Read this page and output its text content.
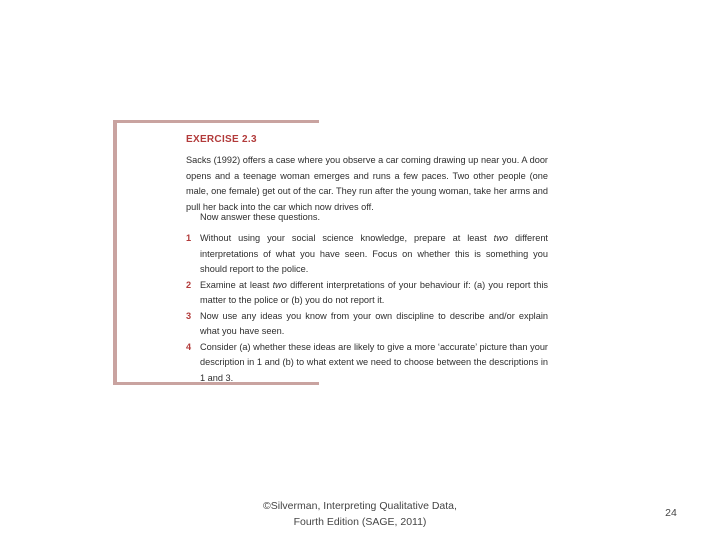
EXERCISE 2.3
Sacks (1992) offers a case where you observe a car coming drawing up near you. A door opens and a teenage woman emerges and runs a few paces. Two other people (one male, one female) get out of the car. They run after the young woman, take her arms and pull her back into the car which now drives off.
Now answer these questions.
1 Without using your social science knowledge, prepare at least two different interpretations of what you have seen. Focus on whether this is something you should report to the police.
2 Examine at least two different interpretations of your behaviour if: (a) you report this matter to the police or (b) you do not report it.
3 Now use any ideas you know from your own discipline to describe and/or explain what you have seen.
4 Consider (a) whether these ideas are likely to give a more ‘accurate’ picture than your description in 1 and (b) to what extent we need to choose between the descriptions in 1 and 3.
©Silverman, Interpreting Qualitative Data,
Fourth Edition (SAGE, 2011)
24
